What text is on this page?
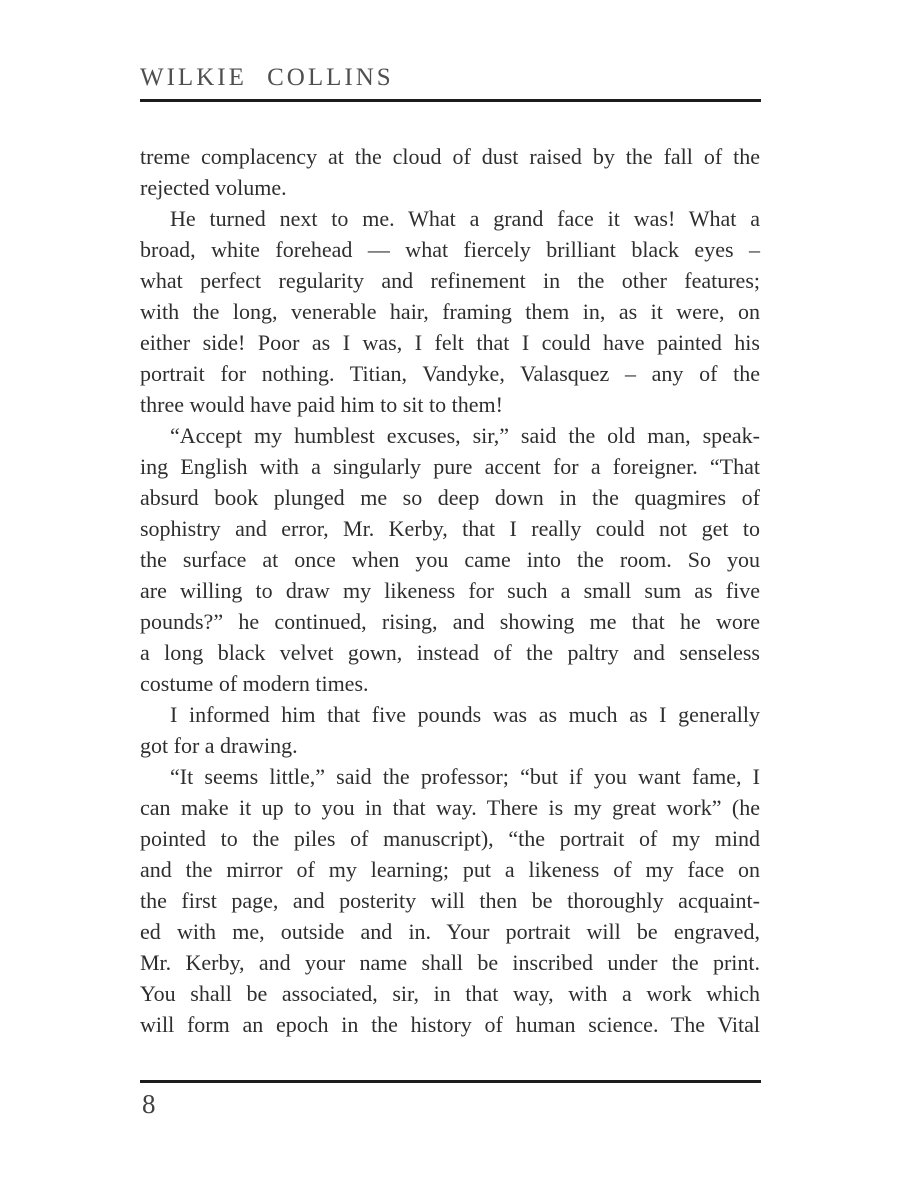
WILKIE COLLINS
treme complacency at the cloud of dust raised by the fall of the
rejected volume.
He turned next to me. What a grand face it was! What a
broad, white forehead –– what fiercely brilliant black eyes –
what perfect regularity and refinement in the other features;
with the long, venerable hair, framing them in, as it were, on
either side! Poor as I was, I felt that I could have painted his
portrait for nothing. Titian, Vandyke, Valasquez – any of the
three would have paid him to sit to them!
“Accept my humblest excuses, sir,” said the old man, speak-
ing English with a singularly pure accent for a foreigner. “That
absurd book plunged me so deep down in the quagmires of
sophistry and error, Mr. Kerby, that I really could not get to
the surface at once when you came into the room. So you
are willing to draw my likeness for such a small sum as five
pounds?” he continued, rising, and showing me that he wore
a long black velvet gown, instead of the paltry and senseless
costume of modern times.
I informed him that five pounds was as much as I generally
got for a drawing.
“It seems little,” said the professor; “but if you want fame, I
can make it up to you in that way. There is my great work” (he
pointed to the piles of manuscript), “the portrait of my mind
and the mirror of my learning; put a likeness of my face on
the first page, and posterity will then be thoroughly acquaint-
ed with me, outside and in. Your portrait will be engraved,
Mr. Kerby, and your name shall be inscribed under the print.
You shall be associated, sir, in that way, with a work which
will form an epoch in the history of human science. The Vital
8
